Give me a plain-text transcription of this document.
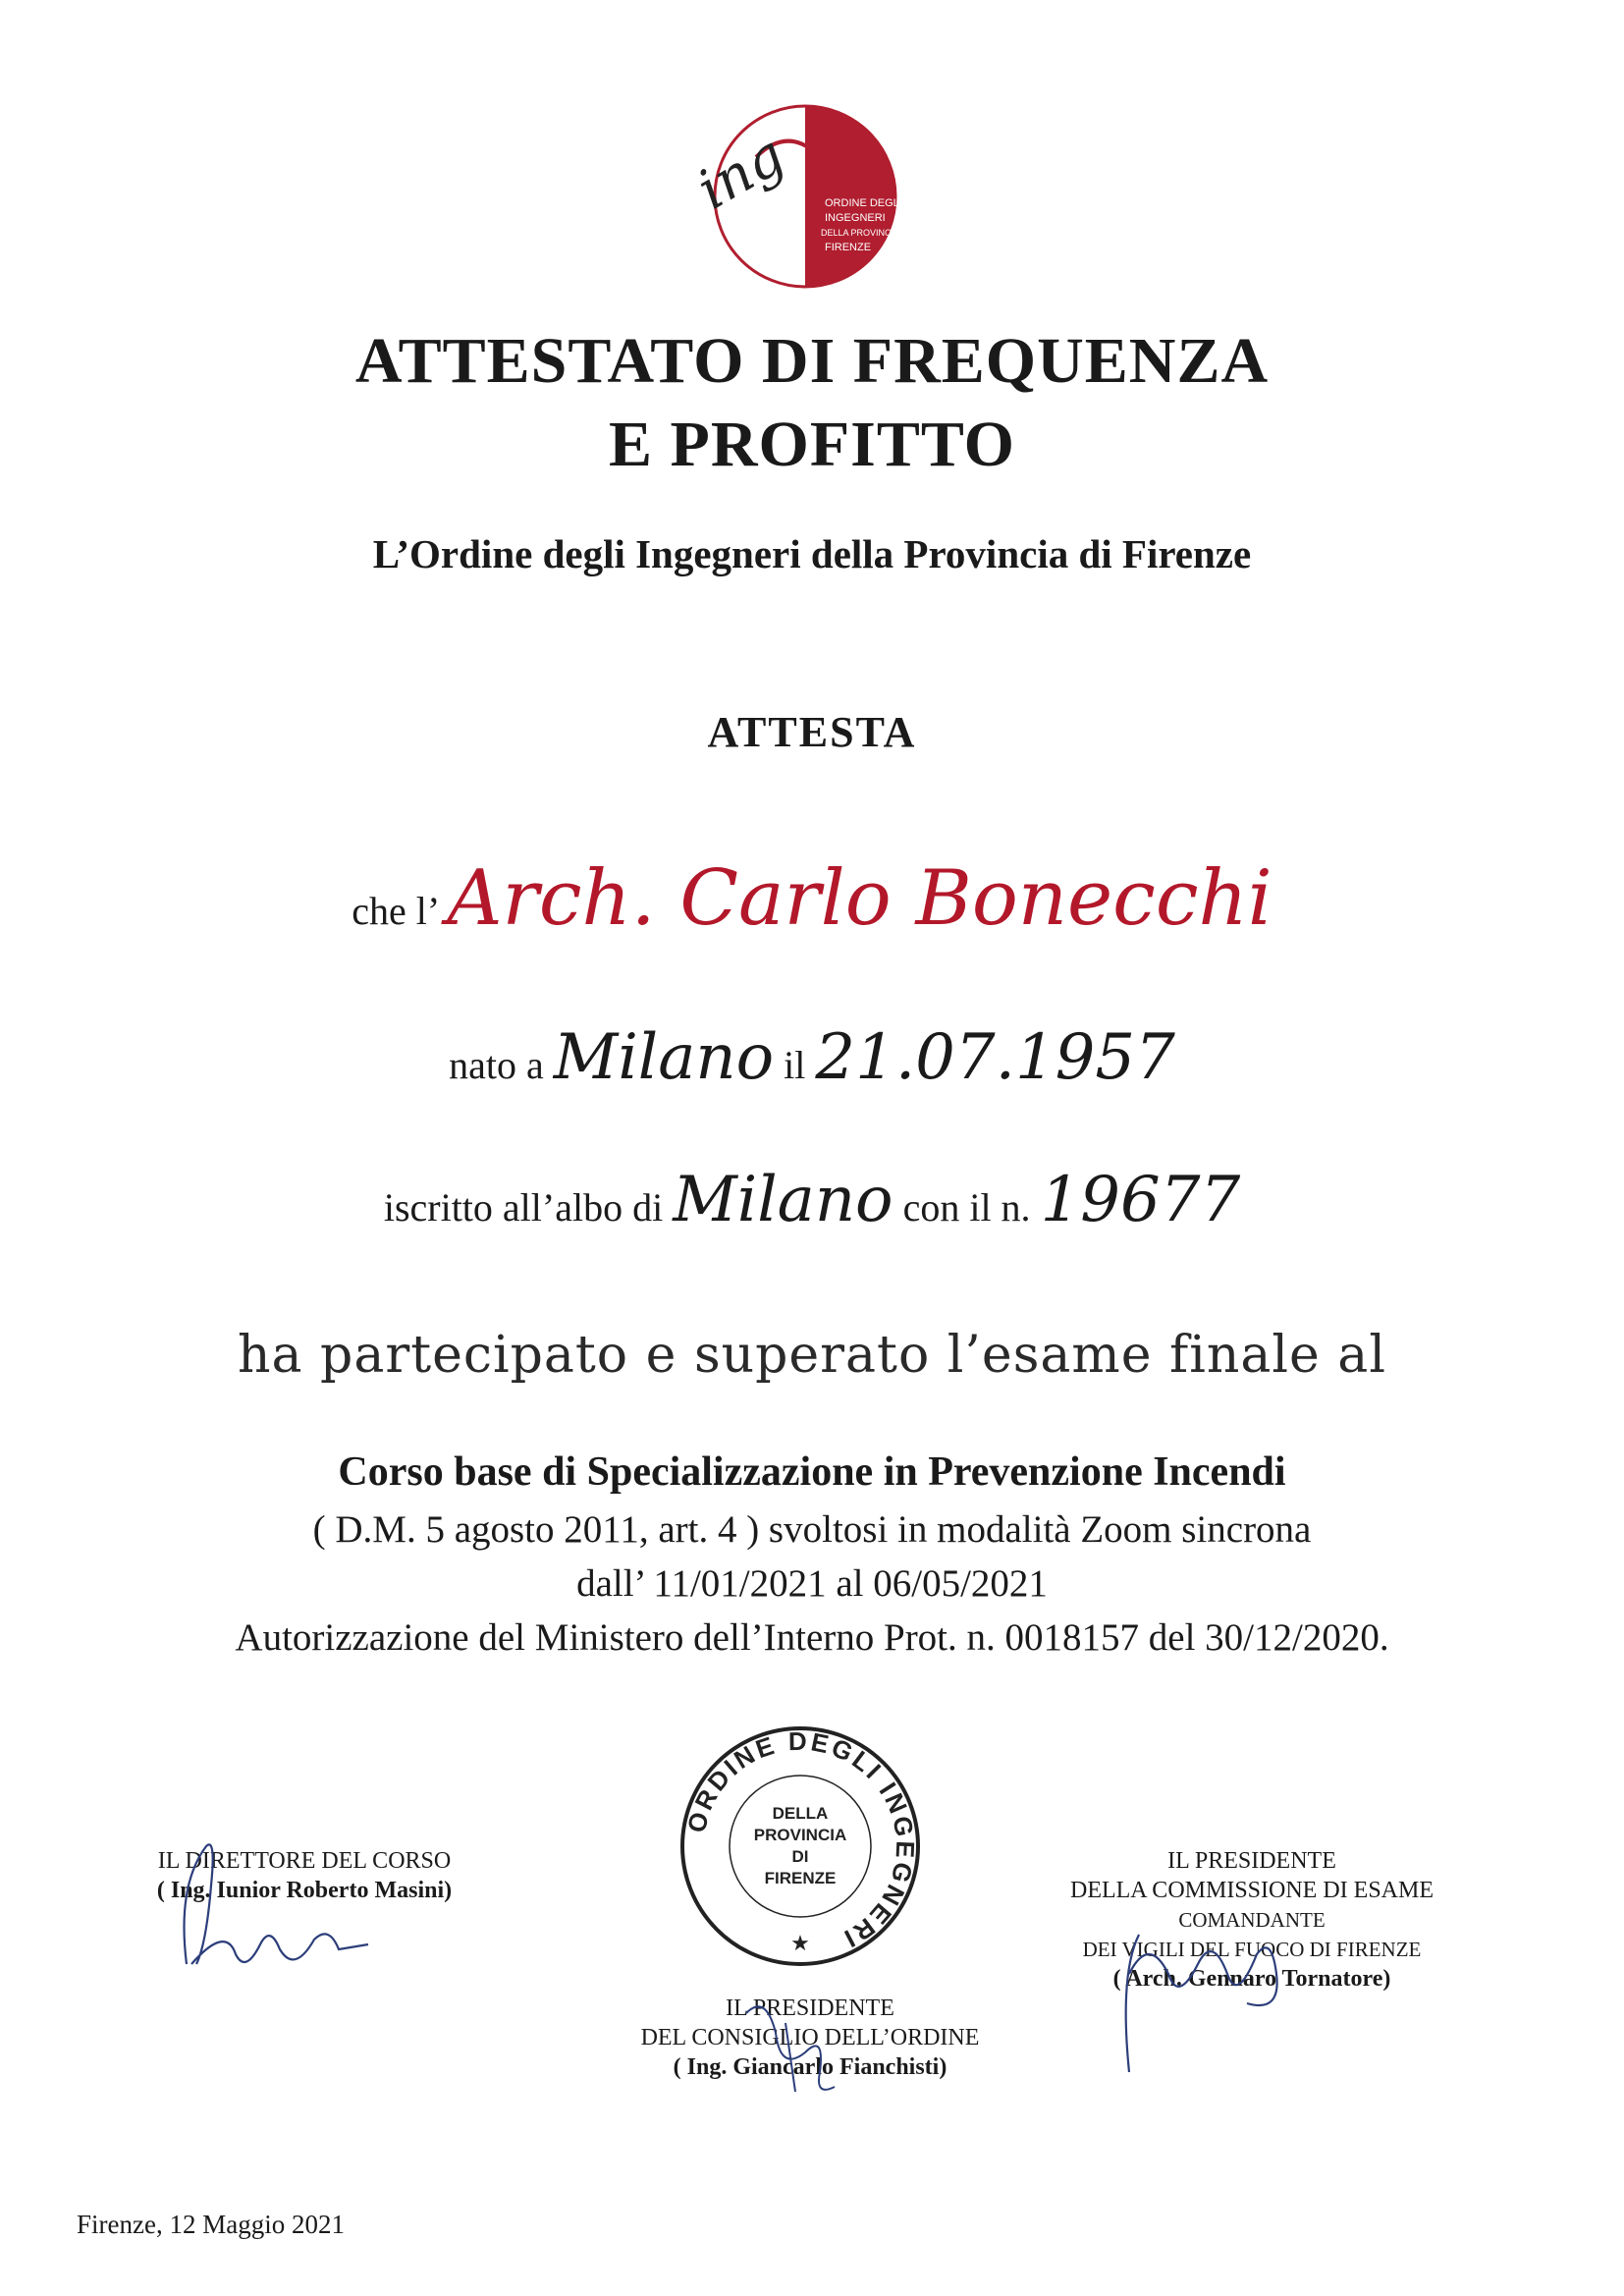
ing	ORDINE DEGLI
INGEGNERI
DELLA PROVINCIA DI
FIRENZE
ATTESTATO DI FREQUENZA
E PROFITTO
L’Ordine degli Ingegneri della Provincia di Firenze
ATTESTA
che l’ Arch. Carlo Bonecchi
nato a Milano il 21.07.1957
iscritto all’albo di Milano con il n. 19677
ha partecipato e superato l’esame finale al
Corso base di Specializzazione in Prevenzione Incendi
( D.M. 5 agosto 2011, art. 4 ) svoltosi in modalità Zoom sincrona
dall’ 11/01/2021 al 06/05/2021
Autorizzazione del Ministero dell’Interno Prot. n. 0018157 del 30/12/2020.
ORDINE DEGLI INGEGNERI
DELLA
PROVINCIA
DI
FIRENZE
★
IL DIRETTORE DEL CORSO
( Ing. Iunior Roberto Masini)
IL PRESIDENTE
DEL CONSIGLIO DELL’ORDINE
( Ing. Giancarlo Fianchisti)
IL PRESIDENTE
DELLA COMMISSIONE DI ESAME
COMANDANTE
DEI VIGILI DEL FUOCO DI FIRENZE
( Arch. Gennaro Tornatore)
Firenze, 12 Maggio 2021
